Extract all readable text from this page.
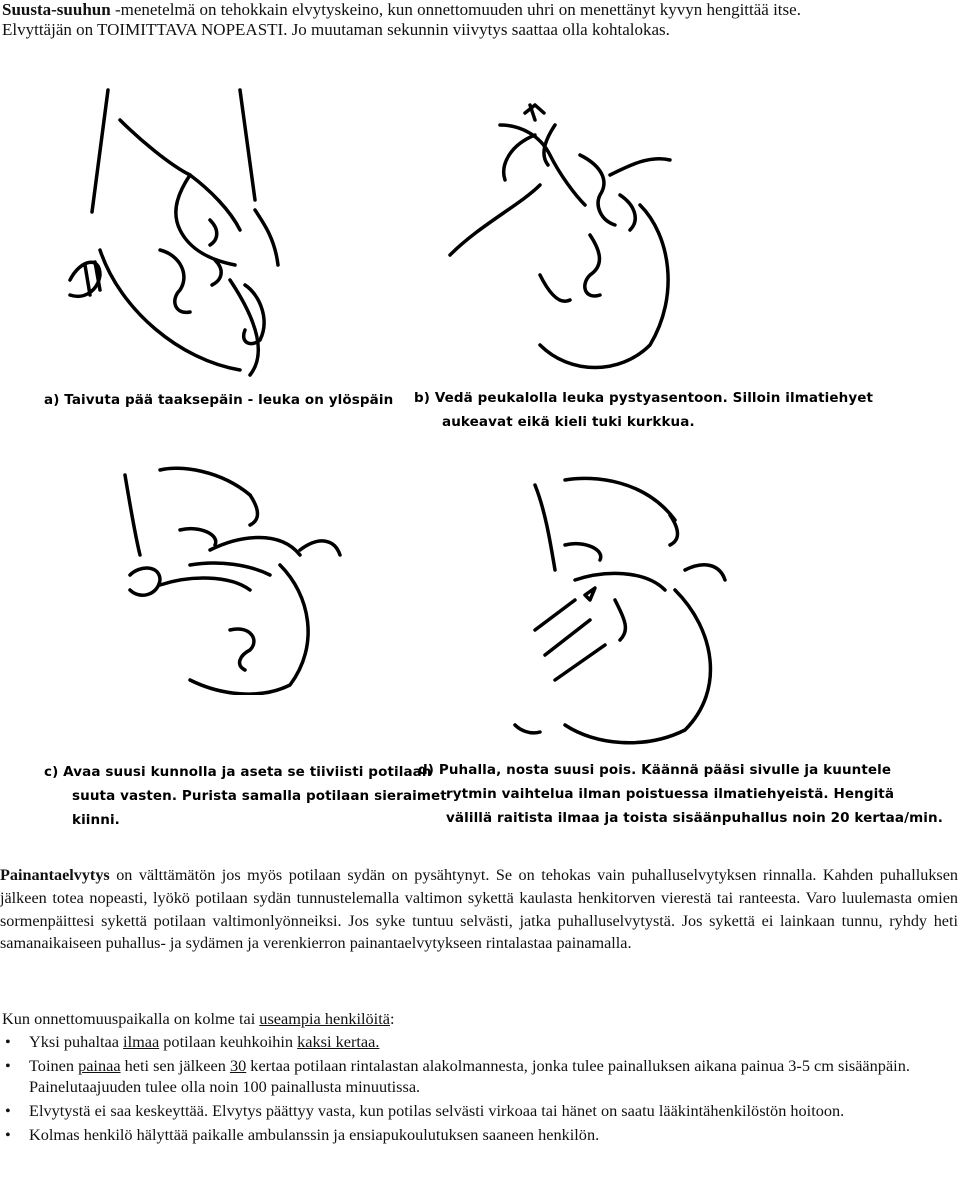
Suusta-suuhun -menetelmä on tehokkain elvytyskeino, kun onnettomuuden uhri on menettänyt kyvyn hengittää itse.
Elvyttäjän on TOIMITTAVA NOPEASTI. Jo muutaman sekunnin viivytys saattaa olla kohtalokas.
a) Taivuta pää taaksepäin - leuka on ylöspäin b) Vedä peukalolla leuka pystyasentoon. Silloin ilmatiehyet
aukeavat eikä kieli tuki kurkkua.
c) Avaa suusi kunnolla ja aseta se tiiviisti potilaan
suuta vasten. Purista samalla potilaan sieraimet
kiinni.
d) Puhalla, nosta suusi pois. Käännä pääsi sivulle ja kuuntele
rytmin vaihtelua ilman poistuessa ilmatiehyeistä. Hengitä
välillä raitista ilmaa ja toista sisäänpuhallus noin 20 kertaa/min.
Painantaelvytys on välttämätön jos myös potilaan sydän on pysähtynyt. Se on tehokas vain puhalluselvytyksen rinnalla. Kahden puhalluksen jälkeen totea nopeasti, lyökö potilaan sydän tunnustelemalla valtimon sykettä kaulasta henkitorven vierestä tai ranteesta. Varo luulemasta omien sormenpäittesi sykettä potilaan valtimonlyönneiksi. Jos syke tuntuu selvästi, jatka puhalluselvytystä. Jos sykettä ei lainkaan tunnu, ryhdy heti samanaikaiseen puhallus- ja sydämen ja verenkierron painantaelvytykseen rintalastaa painamalla.
Kun onnettomuuspaikalla on kolme tai useampia henkilöitä:
• Yksi puhaltaa ilmaa potilaan keuhkoihin kaksi kertaa.
• Toinen painaa heti sen jälkeen 30 kertaa potilaan rintalastan alakolmannesta, jonka tulee painalluksen aikana painua 3-5 cm sisäänpäin. Painelutaajuuden tulee olla noin 100 painallusta minuutissa.
• Elvytystä ei saa keskeyttää. Elvytys päättyy vasta, kun potilas selvästi virkoaa tai hänet on saatu lääkintähenkilöstön hoitoon.
• Kolmas henkilö hälyttää paikalle ambulanssin ja ensiapukoulutuksen saaneen henkilön.
